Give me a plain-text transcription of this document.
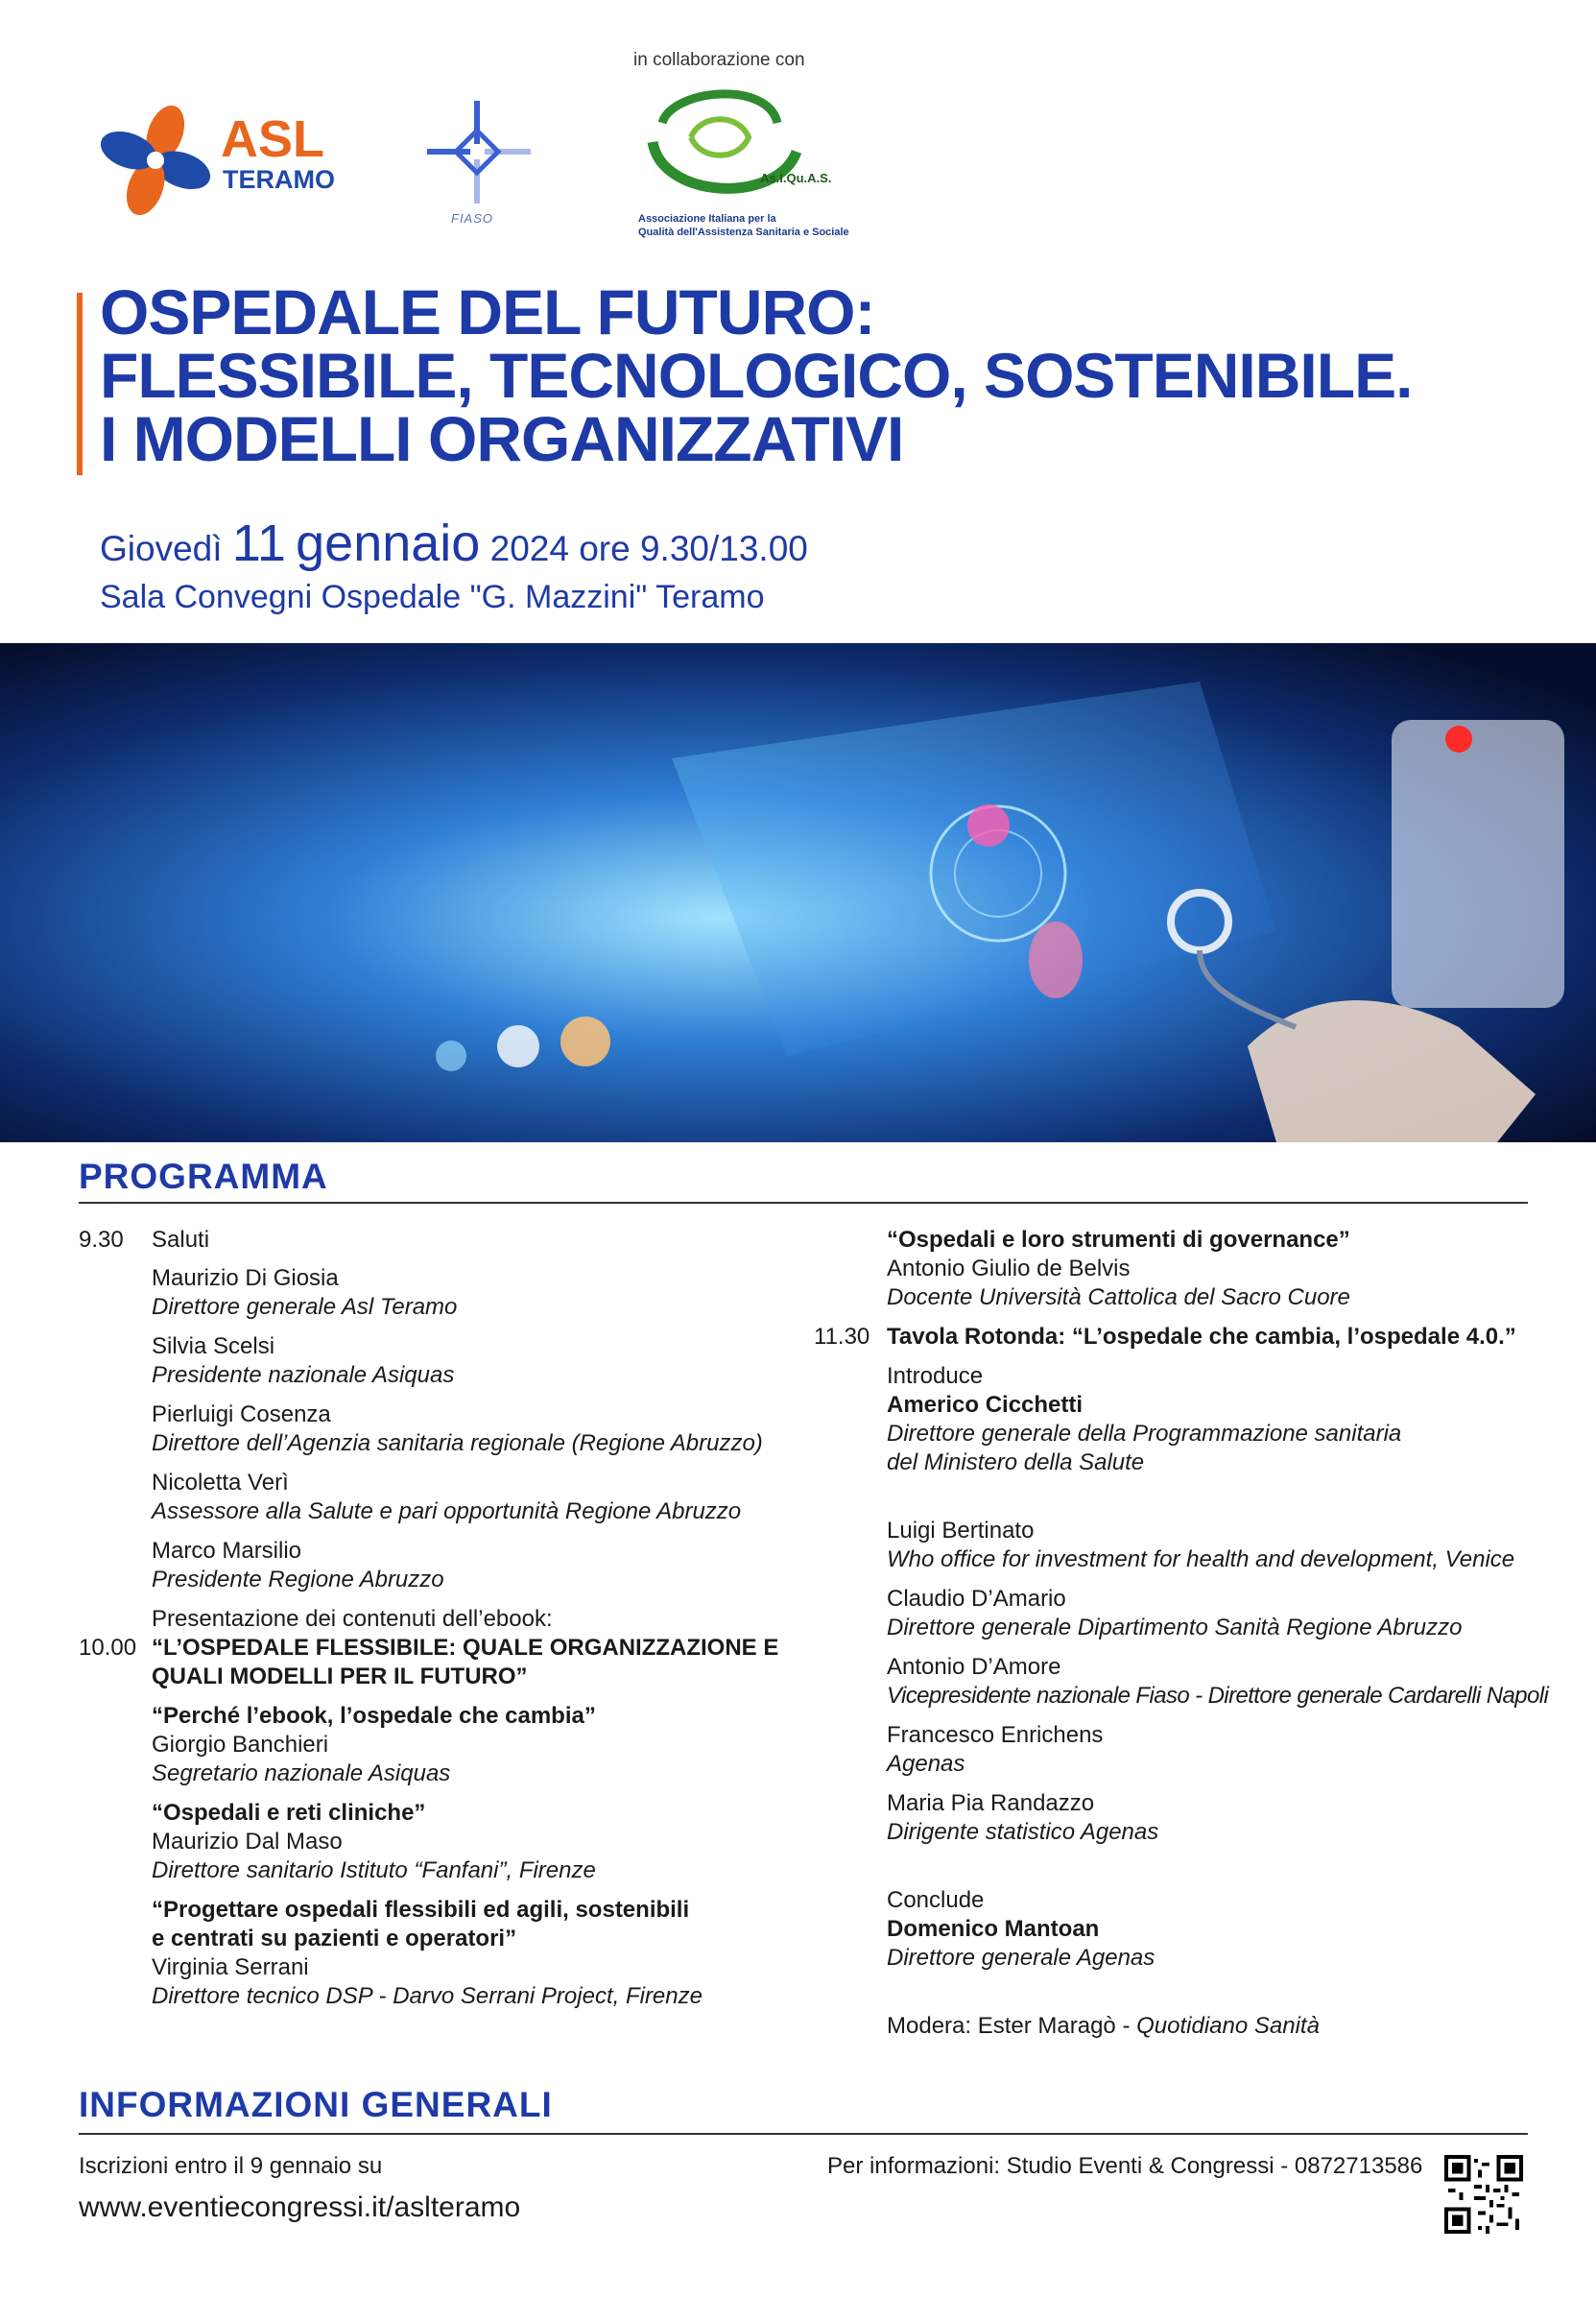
in collaborazione con
ASL
TERAMO
FIASO
As.I.Qu.A.S.
Associazione Italiana per la
Qualità dell'Assistenza Sanitaria e Sociale
OSPEDALE DEL FUTURO:
FLESSIBILE, TECNOLOGICO, SOSTENIBILE.
I MODELLI ORGANIZZATIVI
Giovedì 11 gennaio 2024 ore 9.30/13.00
Sala Convegni Ospedale "G. Mazzini" Teramo
PROGRAMMA
9.30 Saluti
Maurizio Di Giosia
Direttore generale Asl Teramo
Silvia Scelsi
Presidente nazionale Asiquas
Pierluigi Cosenza
Direttore dell’Agenzia sanitaria regionale (Regione Abruzzo)
Nicoletta Verì
Assessore alla Salute e pari opportunità Regione Abruzzo
Marco Marsilio
Presidente Regione Abruzzo
Presentazione dei contenuti dell’ebook:
10.00 “L’OSPEDALE FLESSIBILE: QUALE ORGANIZZAZIONE E
QUALI MODELLI PER IL FUTURO”
“Perché l’ebook, l’ospedale che cambia”
Giorgio Banchieri
Segretario nazionale Asiquas
“Ospedali e reti cliniche”
Maurizio Dal Maso
Direttore sanitario Istituto “Fanfani”, Firenze
“Progettare ospedali flessibili ed agili, sostenibili
e centrati su pazienti e operatori”
Virginia Serrani
Direttore tecnico DSP - Darvo Serrani Project, Firenze
“Ospedali e loro strumenti di governance”
Antonio Giulio de Belvis
Docente Università Cattolica del Sacro Cuore
11.30 Tavola Rotonda: “L’ospedale che cambia, l’ospedale 4.0.”
Introduce
Americo Cicchetti
Direttore generale della Programmazione sanitaria
del Ministero della Salute
Luigi Bertinato
Who office for investment for health and development, Venice
Claudio D’Amario
Direttore generale Dipartimento Sanità Regione Abruzzo
Antonio D’Amore
Vicepresidente nazionale Fiaso - Direttore generale Cardarelli Napoli
Francesco Enrichens
Agenas
Maria Pia Randazzo
Dirigente statistico Agenas
Conclude
Domenico Mantoan
Direttore generale Agenas
Modera: Ester Maragò - Quotidiano Sanità
INFORMAZIONI GENERALI
Iscrizioni entro il 9 gennaio su
www.eventiecongressi.it/aslteramo
Per informazioni: Studio Eventi & Congressi - 0872713586
